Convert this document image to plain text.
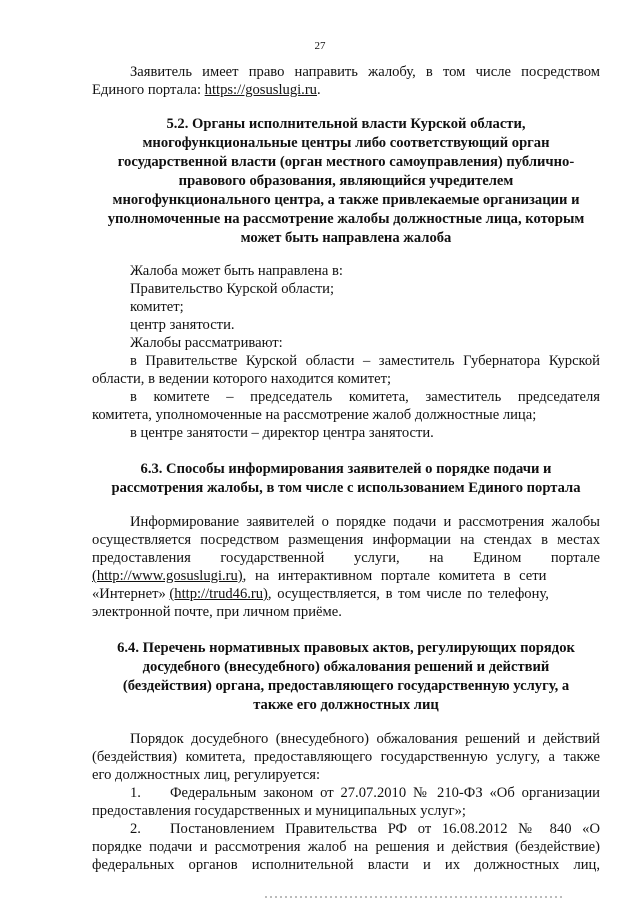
27
Заявитель имеет право направить жалобу, в том числе посредством
Единого портала: https://gosuslugi.ru.
5.2. Органы исполнительной власти Курской области,
многофункциональные центры либо соответствующий орган
государственной власти (орган местного самоуправления) публично-
правового образования, являющийся учредителем
многофункционального центра, а также привлекаемые организации и
уполномоченные на рассмотрение жалобы должностные лица, которым
может быть направлена жалоба
Жалоба может быть направлена в:
Правительство Курской области;
комитет;
центр занятости.
Жалобы рассматривают:
в Правительстве Курской области – заместитель Губернатора Курской
области, в ведении которого находится комитет;
в комитете – председатель комитета, заместитель председателя
комитета, уполномоченные на рассмотрение жалоб должностные лица;
в центре занятости – директор центра занятости.
6.3. Способы информирования заявителей о порядке подачи и
рассмотрения жалобы, в том числе с использованием Единого портала
Информирование заявителей о порядке подачи и рассмотрения жалобы
осуществляется посредством размещения информации на стендах в местах
предоставления государственной услуги, на Едином портале
(http://www.gosuslugi.ru), на интерактивном портале комитета в сети
«Интернет» (http://trud46.ru), осуществляется, в том числе по телефону,
электронной почте, при личном приёме.
6.4. Перечень нормативных правовых актов, регулирующих порядок
досудебного (внесудебного) обжалования решений и действий
(бездействия) органа, предоставляющего государственную услугу, а
также его должностных лиц
Порядок досудебного (внесудебного) обжалования решений и действий
(бездействия) комитета, предоставляющего государственную услугу, а также
его должностных лиц, регулируется:
1. Федеральным законом от 27.07.2010 № 210-ФЗ «Об организации
предоставления государственных и муниципальных услуг»;
2. Постановлением Правительства РФ от 16.08.2012 № 840 «О
порядке подачи и рассмотрения жалоб на решения и действия (бездействие)
федеральных органов исполнительной власти и их должностных лиц,
